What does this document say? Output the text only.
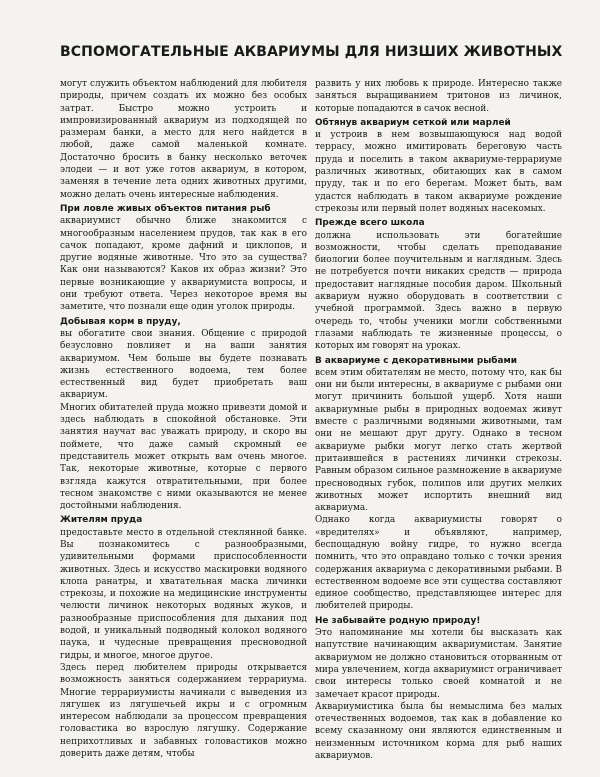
ВСПОМОГАТЕЛЬНЫЕ АКВАРИУМЫ ДЛЯ НИЗШИХ ЖИВОТНЫХ

могут служить объектом наблюдений для любителя природы, причем создать их можно без особых затрат. Быстро можно устроить и импровизированный аквариум из подходящей по размерам банки, а место для него найдется в любой, даже самой маленькой комнате. Достаточно бросить в банку несколько веточек элодеи — и вот уже готов аквариум, в котором, заменяя в течение лета одних животных другими, можно делать очень интересные наблюдения.

При ловле живых объектов питания рыб

аквариумист обычно ближе знакомится с многообразным населением прудов, так как в его сачок попадают, кроме дафний и циклопов, и другие водяные животные. Что это за существа? Как они называются? Каков их образ жизни? Это первые возникающие у аквариумиста вопросы, и они требуют ответа. Через некоторое время вы заметите, что познали еще один уголок природы.

Добывая корм в пруду,

вы обогатите свои знания. Общение с природой безусловно повлияет и на ваши занятия аквариумом. Чем больше вы будете познавать жизнь естественного водоема, тем более естественный вид будет приобретать ваш аквариум.

Многих обитателей пруда можно привезти домой и здесь наблюдать в спокойной обстановке. Эти занятия научат вас уважать природу, и скоро вы поймете, что даже самый скромный ее представитель может открыть вам очень многое. Так, некоторые животные, которые с первого взгляда кажутся отвратительными, при более тесном знакомстве с ними оказываются не менее достойными наблюдения.

Жителям пруда

предоставьте место в отдельной стеклянной банке. Вы познакомитесь с разнообразными, удивительными формами приспособленности животных. Здесь и искусство маскировки водяного клопа ранатры, и хватательная маска личинки стрекозы, и похожие на медицинские инструменты челюсти личинок некоторых водяных жуков, и разнообразные приспособления для дыхания под водой, и уникальный подводный колокол водяного паука, и чудесные превращения пресноводной гидры, и многое, многое другое.

Здесь перед любителем природы открывается возможность заняться содержанием террариума. Многие террариумисты начинали с выведения из лягушек из лягушечьей икры и с огромным интересом наблюдали за процессом превращения головастика во взрослую лягушку. Содержание неприхотливых и забавных головастиков можно доверить даже детям, чтобы

развить у них любовь к природе. Интересно также заняться выращиванием тритонов из личинок, которые попадаются в сачок весной.

Обтянув аквариум сеткой или марлей

и устроив в нем возвышающуюся над водой террасу, можно имитировать береговую часть пруда и поселить в таком аквариуме-террариуме различных животных, обитающих как в самом пруду, так и по его берегам. Может быть, вам удастся наблюдать в таком аквариуме рождение стрекозы или первый полет водяных насекомых.

Прежде всего школа

должна использовать эти богатейшие возможности, чтобы сделать преподавание биологии более поучительным и наглядным. Здесь не потребуется почти никаких средств — природа предоставит наглядные пособия даром. Школьный аквариум нужно оборудовать в соответствии с учебной программой. Здесь важно в первую очередь то, чтобы ученики могли собственными глазами наблюдать те жизненные процессы, о которых им говорят на уроках.

В аквариуме с декоративными рыбами

всем этим обитателям не место, потому что, как бы они ни были интересны, в аквариуме с рыбами они могут причинить большой ущерб. Хотя наши аквариумные рыбы в природных водоемах живут вместе с различными водяными животными, там они не мешают друг другу. Однако в тесном аквариуме рыбки могут легко стать жертвой притаившейся в растениях личинки стрекозы. Равным образом сильное размножение в аквариуме пресноводных губок, полипов или других мелких животных может испортить внешний вид аквариума.

Однако когда аквариумисты говорят о «вредителях» и объявляют, например, беспощадную войну гидре, то нужно всегда помнить, что это оправдано только с точки зрения содержания аквариума с декоративными рыбами. В естественном водоеме все эти существа составляют единое сообщество, представляющее интерес для любителей природы.

Не забывайте родную природу!

Это напоминание мы хотели бы высказать как напутствие начинающим аквариумистам. Занятие аквариумом не должно становиться оторванным от мира увлечением, когда аквариумист ограничивает свои интересы только своей комнатой и не замечает красот природы.

Аквариумистика была бы немыслима без малых отечественных водоемов, так как в добавление ко всему сказанному они являются единственным и неизменным источником корма для рыб наших аквариумов.
